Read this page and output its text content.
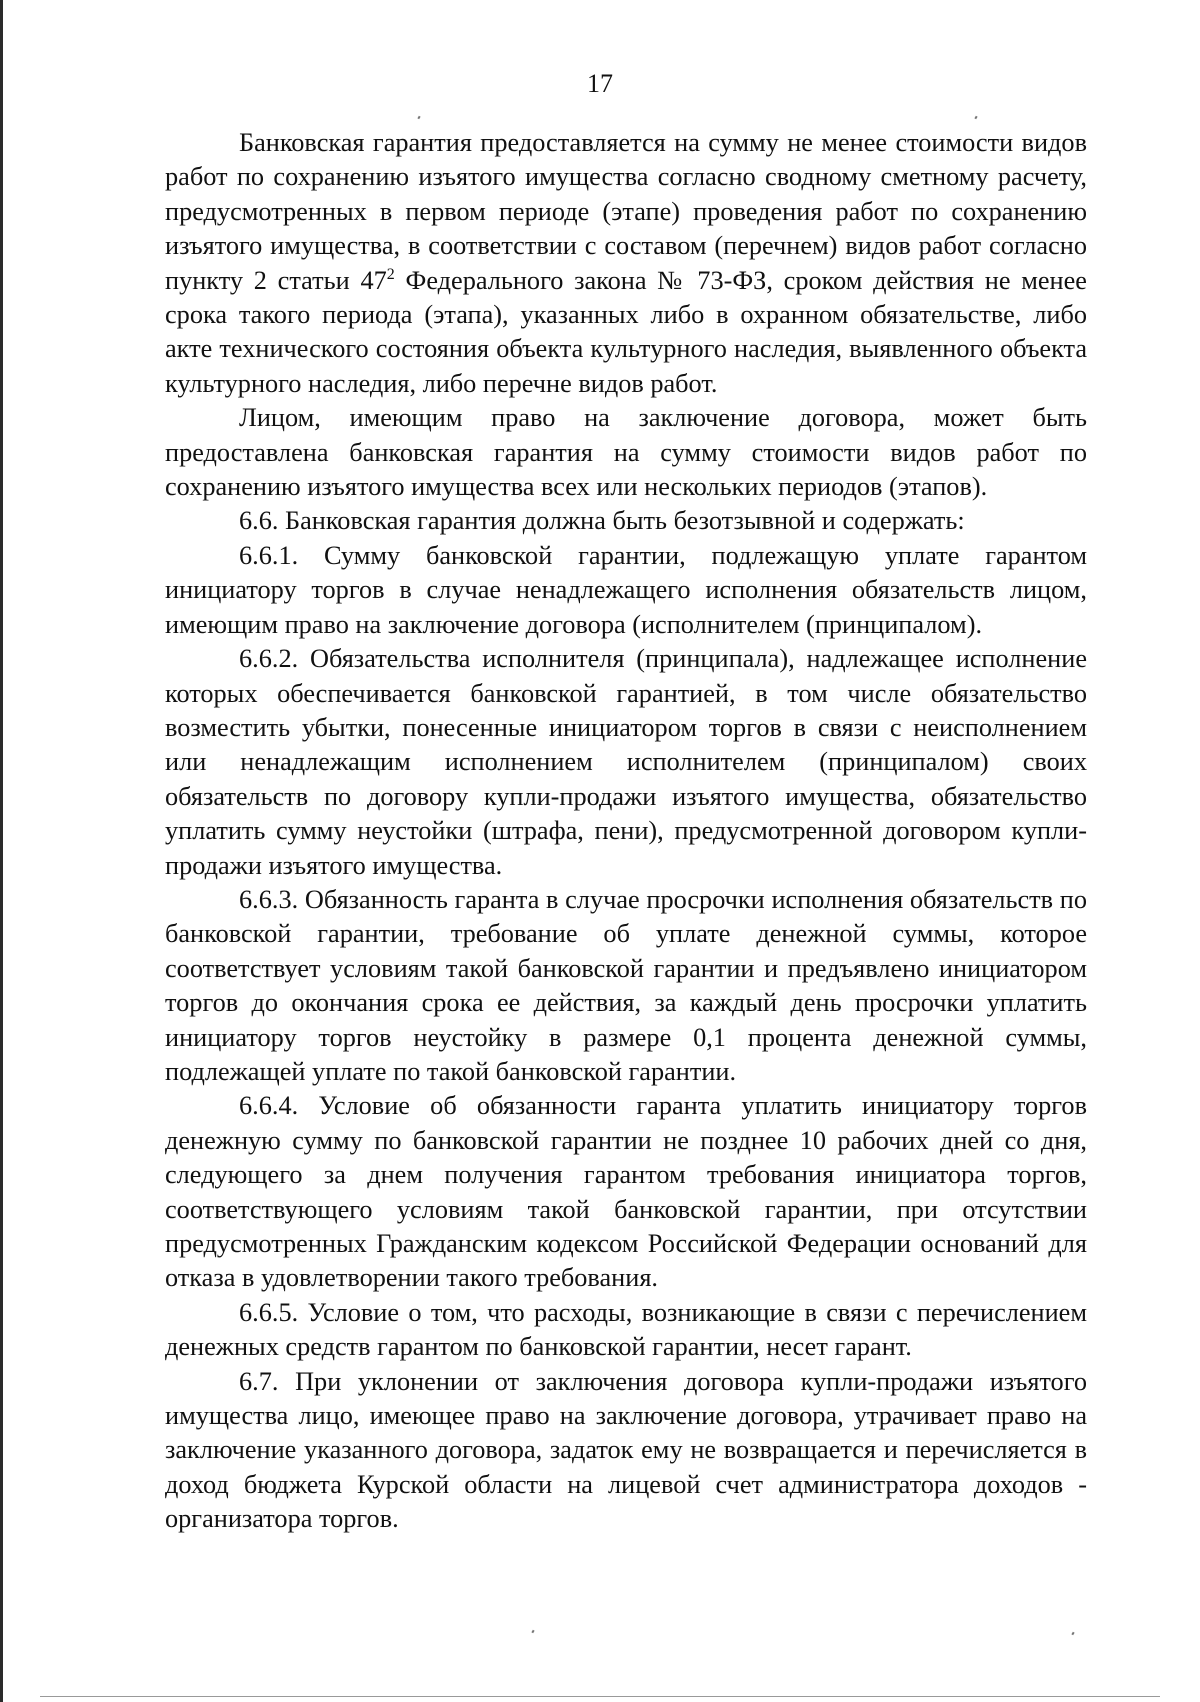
17

Банковская гарантия предоставляется на сумму не менее стоимости видов работ по сохранению изъятого имущества согласно сводному сметному расчету, предусмотренных в первом периоде (этапе) проведения работ по сохранению изъятого имущества, в соответствии с составом (перечнем) видов работ согласно пункту 2 статьи $47^2$ Федерального закона № 73-ФЗ, сроком действия не менее срока такого периода (этапа), указанных либо в охранном обязательстве, либо акте технического состояния объекта культурного наследия, выявленного объекта культурного наследия, либо перечне видов работ.

Лицом, имеющим право на заключение договора, может быть предоставлена банковская гарантия на сумму стоимости видов работ по сохранению изъятого имущества всех или нескольких периодов (этапов).

6.6. Банковская гарантия должна быть безотзывной и содержать:

6.6.1. Сумму банковской гарантии, подлежащую уплате гарантом инициатору торгов в случае ненадлежащего исполнения обязательств лицом, имеющим право на заключение договора (исполнителем (принципалом).

6.6.2. Обязательства исполнителя (принципала), надлежащее исполнение которых обеспечивается банковской гарантией, в том числе обязательство возместить убытки, понесенные инициатором торгов в связи с неисполнением или ненадлежащим исполнением исполнителем (принципалом) своих обязательств по договору купли-продажи изъятого имущества, обязательство уплатить сумму неустойки (штрафа, пени), предусмотренной договором купли-продажи изъятого имущества.

6.6.3. Обязанность гаранта в случае просрочки исполнения обязательств по банковской гарантии, требование об уплате денежной суммы, которое соответствует условиям такой банковской гарантии и предъявлено инициатором торгов до окончания срока ее действия, за каждый день просрочки уплатить инициатору торгов неустойку в размере 0,1 процента денежной суммы, подлежащей уплате по такой банковской гарантии.

6.6.4. Условие об обязанности гаранта уплатить инициатору торгов денежную сумму по банковской гарантии не позднее 10 рабочих дней со дня, следующего за днем получения гарантом требования инициатора торгов, соответствующего условиям такой банковской гарантии, при отсутствии предусмотренных Гражданским кодексом Российской Федерации оснований для отказа в удовлетворении такого требования.

6.6.5. Условие о том, что расходы, возникающие в связи с перечислением денежных средств гарантом по банковской гарантии, несет гарант.

6.7. При уклонении от заключения договора купли-продажи изъятого имущества лицо, имеющее право на заключение договора, утрачивает право на заключение указанного договора, задаток ему не возвращается и перечисляется в доход бюджета Курской области на лицевой счет администратора доходов - организатора торгов.
